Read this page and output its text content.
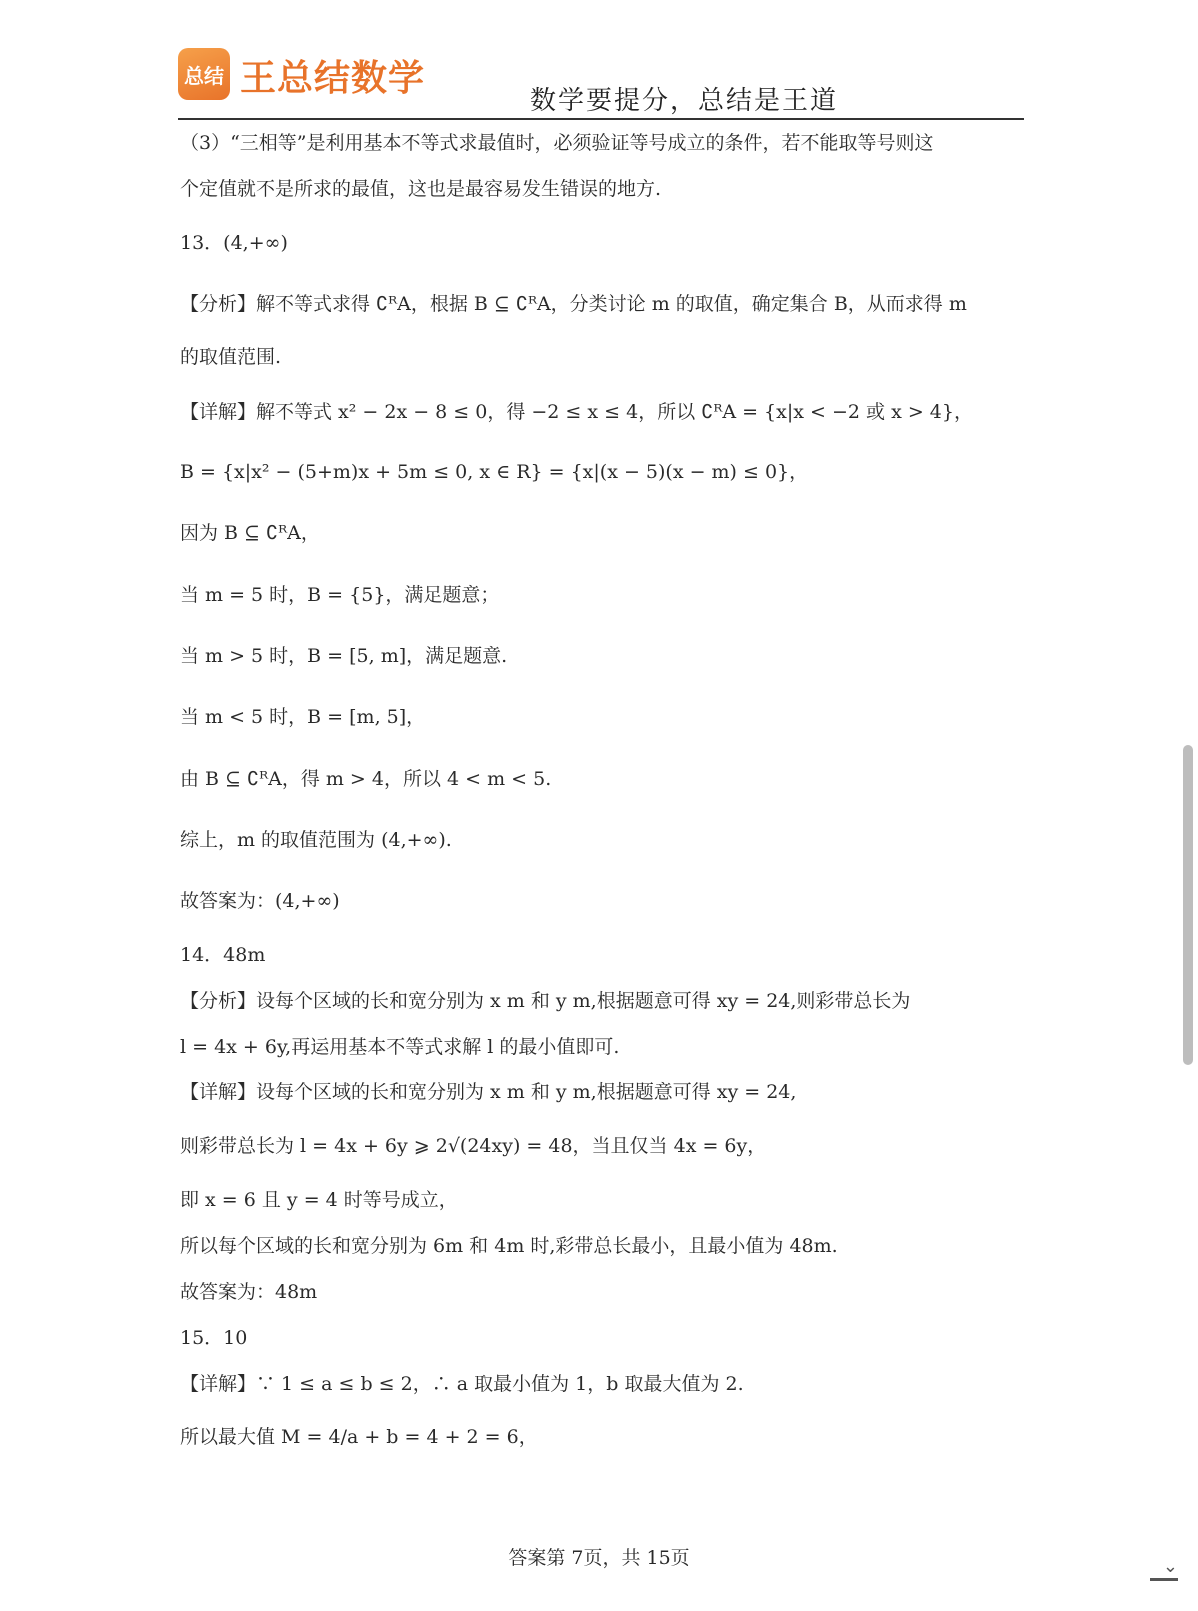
总结 王总结数学
数学要提分，总结是王道
（3）“三相等”是利用基本不等式求最值时，必须验证等号成立的条件，若不能取等号则这
个定值就不是所求的最值，这也是最容易发生错误的地方.
13．(4,+∞)
【分析】解不等式求得 ∁ᴿA，根据 B ⊆ ∁ᴿA，分类讨论 m 的取值，确定集合 B，从而求得 m
的取值范围.
【详解】解不等式 x² − 2x − 8 ≤ 0，得 −2 ≤ x ≤ 4，所以 ∁ᴿA = {x|x < −2 或 x > 4}，
B = {x|x² − (5+m)x + 5m ≤ 0, x ∈ R} = {x|(x − 5)(x − m) ≤ 0}，
因为 B ⊆ ∁ᴿA，
当 m = 5 时，B = {5}，满足题意；
当 m > 5 时，B = [5, m]，满足题意.
当 m < 5 时，B = [m, 5]，
由 B ⊆ ∁ᴿA，得 m > 4，所以 4 < m < 5.
综上，m 的取值范围为 (4,+∞).
故答案为：(4,+∞)
14．48m
【分析】设每个区域的长和宽分别为 x m 和 y m,根据题意可得 xy = 24,则彩带总长为
l = 4x + 6y,再运用基本不等式求解 l 的最小值即可.
【详解】设每个区域的长和宽分别为 x m 和 y m,根据题意可得 xy = 24,
则彩带总长为 l = 4x + 6y ⩾ 2√(24xy) = 48，当且仅当 4x = 6y，
即 x = 6 且 y = 4 时等号成立，
所以每个区域的长和宽分别为 6m 和 4m 时,彩带总长最小，且最小值为 48m.
故答案为：48m
15．10
【详解】∵ 1 ≤ a ≤ b ≤ 2，∴ a 取最小值为 1，b 取最大值为 2.
所以最大值 M = 4/a + b = 4 + 2 = 6，
答案第 7页，共 15页	⌄
